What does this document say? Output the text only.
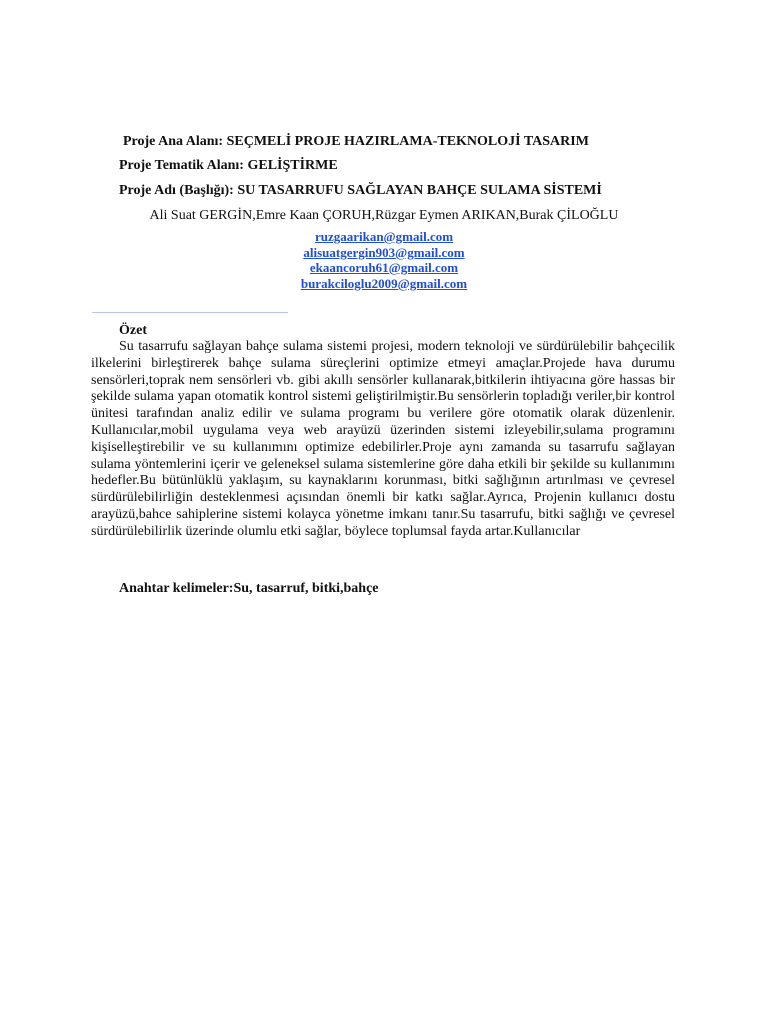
Proje Ana Alanı: SEÇMELİ PROJE HAZIRLAMA-TEKNOLOJİ TASARIM
Proje Tematik Alanı: GELİŞTİRME
Proje Adı (Başlığı): SU TASARRUFU SAĞLAYAN BAHÇE SULAMA SİSTEMİ
Ali Suat GERGİN,Emre Kaan ÇORUH,Rüzgar Eymen ARIKAN,Burak ÇİLOĞLU
ruzgaarikan@gmail.com
alisuatgergin903@gmail.com
ekaancoruh61@gmail.com
burakciloglu2009@gmail.com
Özet

Su tasarrufu sağlayan bahçe sulama sistemi projesi, modern teknoloji ve sürdürülebilir bahçecilik ilkelerini birleştirerek bahçe sulama süreçlerini optimize etmeyi amaçlar.Projede hava durumu sensörleri,toprak nem sensörleri vb. gibi akıllı sensörler kullanarak,bitkilerin ihtiyacına göre hassas bir şekilde sulama yapan otomatik kontrol sistemi geliştirilmiştir.Bu sensörlerin topladığı veriler,bir kontrol ünitesi tarafından analiz edilir ve sulama programı bu verilere göre otomatik olarak düzenlenir. Kullanıcılar,mobil uygulama veya web arayüzü üzerinden sistemi izleyebilir,sulama programını kişiselleştirebilir ve su kullanımını optimize edebilirler.Proje aynı zamanda su tasarrufu sağlayan sulama yöntemlerini içerir ve geleneksel sulama sistemlerine göre daha etkili bir şekilde su kullanımını hedefler.Bu bütünlüklü yaklaşım, su kaynaklarını korunması, bitki sağlığının artırılması ve çevresel sürdürülebilirliğin desteklenmesi açısından önemli bir katkı sağlar.Ayrıca, Projenin kullanıcı dostu arayüzü,bahce sahiplerine sistemi kolayca yönetme imkanı tanır.Su tasarrufu, bitki sağlığı ve çevresel sürdürülebilirlik üzerinde olumlu etki sağlar, böylece toplumsal fayda artar.Kullanıcılar

Anahtar kelimeler:Su, tasarruf, bitki,bahçe
